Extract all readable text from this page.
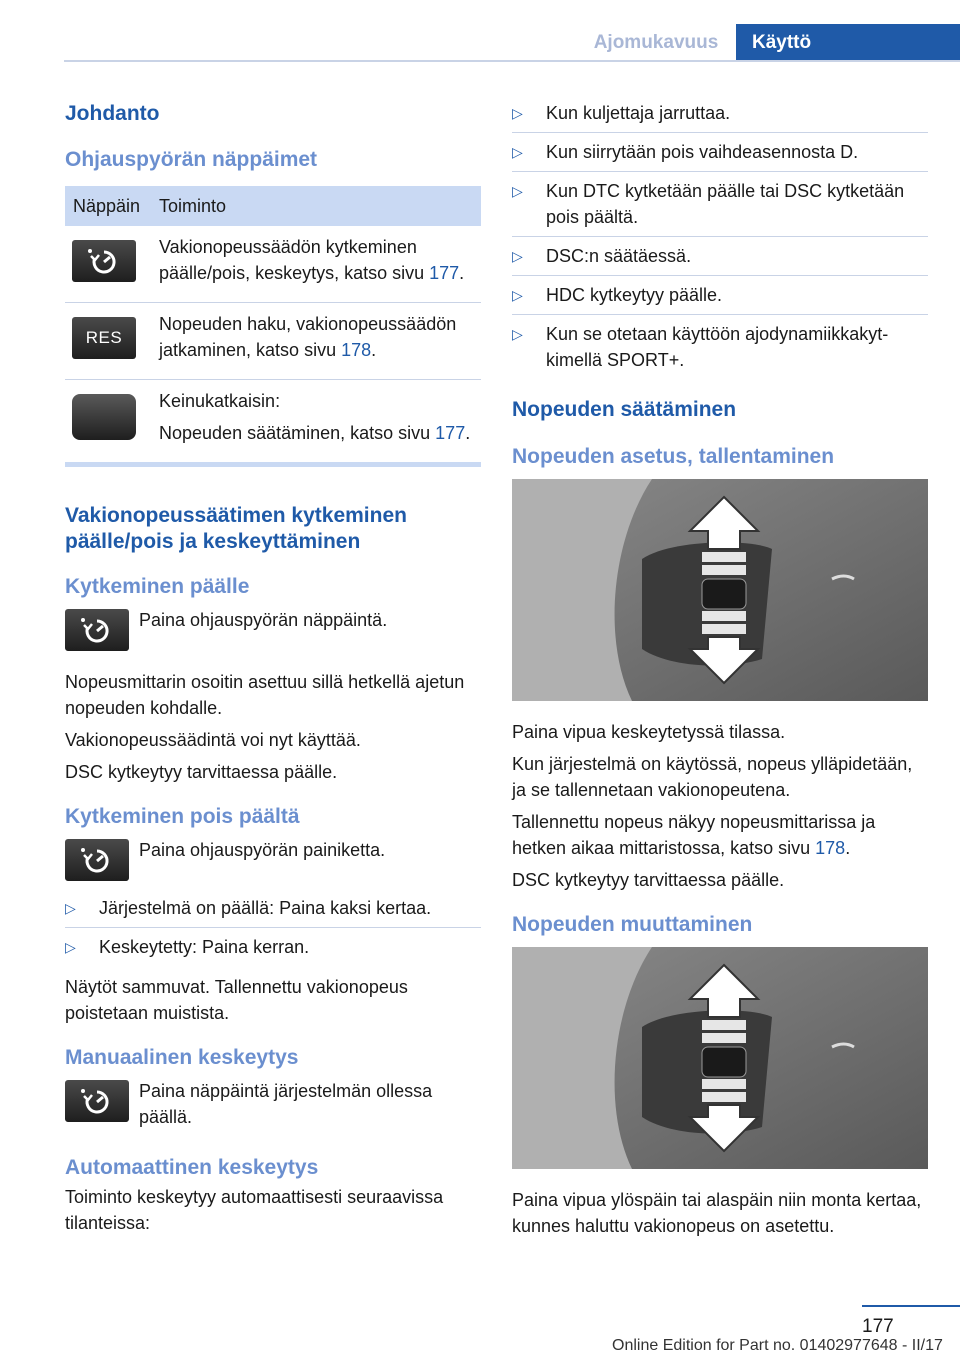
Ajomukavuus	Käyttö
Johdanto
Ohjauspyörän näppäimet
Näppäin	Toiminto

Vakionopeussäädön kytkeminen päälle/pois, keskeytys, katso sivu 177.

RES

Nopeuden haku, vakionopeussäädön jatkaminen, katso sivu 178.

Keinukatkaisin:

Nopeuden säätäminen, katso sivu 177.

Vakionopeussäätimen kytkeminen päälle/pois ja keskeyttäminen
Kytkeminen päälle

Paina ohjauspyörän näppäintä.

Nopeusmittarin osoitin asettuu sillä hetkellä ajetun nopeuden kohdalle.

Vakionopeussäädintä voi nyt käyttää.

DSC kytkeytyy tarvittaessa päälle.

Kytkeminen pois päältä

Paina ohjauspyörän painiketta.

▷ Järjestelmä on päällä: Paina kaksi kertaa.
▷ Keskeytetty: Paina kerran.

Näytöt sammuvat. Tallennettu vakionopeus poistetaan muistista.

Manuaalinen keskeytys

Paina näppäintä järjestelmän ollessa päällä.

Automaattinen keskeytys

Toiminto keskeytyy automaattisesti seuraavissa tilanteissa:

▷ Kun kuljettaja jarruttaa.
▷ Kun siirrytään pois vaihdeasennosta D.
▷ Kun DTC kytketään päälle tai DSC kytketään pois päältä.
▷ DSC:n säätäessä.
▷ HDC kytkeytyy päälle.
▷ Kun se otetaan käyttöön ajodynamiikkakytkimellä SPORT+.
Nopeuden säätäminen
Nopeuden asetus, tallentaminen

Paina vipua keskeytetyssä tilassa.

Kun järjestelmä on käytössä, nopeus ylläpidetään, ja se tallennetaan vakionopeutena.

Tallennettu nopeus näkyy nopeusmittarissa ja hetken aikaa mittaristossa, katso sivu 178.

DSC kytkeytyy tarvittaessa päälle.

Nopeuden muuttaminen

Paina vipua ylöspäin tai alaspäin niin monta kertaa, kunnes haluttu vakionopeus on asetettu.

177
Online Edition for Part no. 01402977648 - II/17
